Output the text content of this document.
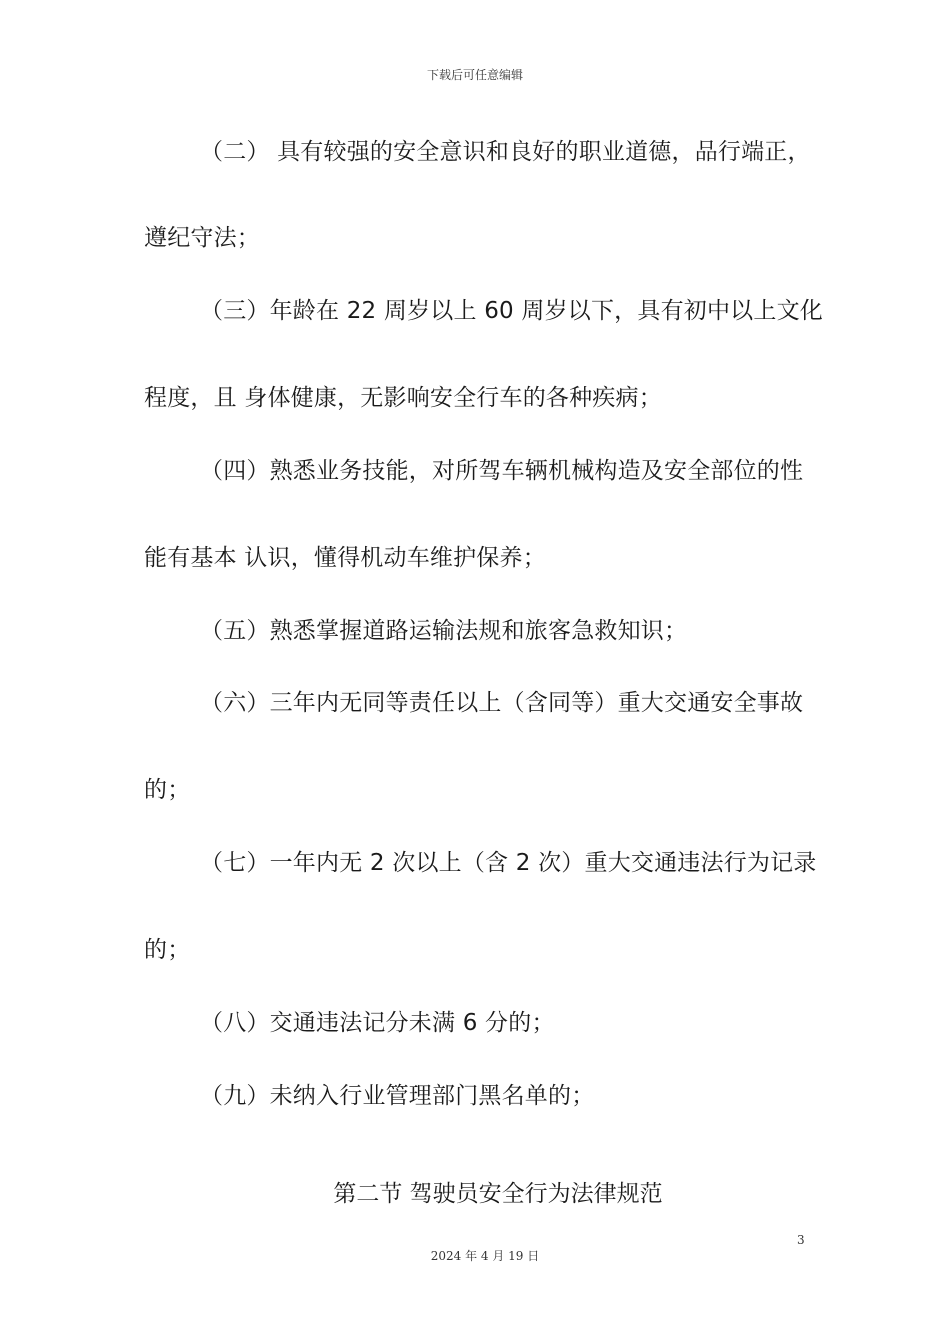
下载后可任意编辑
（二） 具有较强的安全意识和良好的职业道德，品行端正，
遵纪守法；
（三）年龄在 22 周岁以上 60 周岁以下，具有初中以上文化
程度，且 身体健康，无影响安全行车的各种疾病；
（四）熟悉业务技能，对所驾车辆机械构造及安全部位的性
能有基本 认识，懂得机动车维护保养；
（五）熟悉掌握道路运输法规和旅客急救知识；
（六）三年内无同等责任以上（含同等）重大交通安全事故
的；
（七）一年内无 2 次以上（含 2 次）重大交通违法行为记录
的；
（八）交通违法记分未满 6 分的；
（九）未纳入行业管理部门黑名单的；
第二节 驾驶员安全行为法律规范
3
2024 年 4 月 19 日
